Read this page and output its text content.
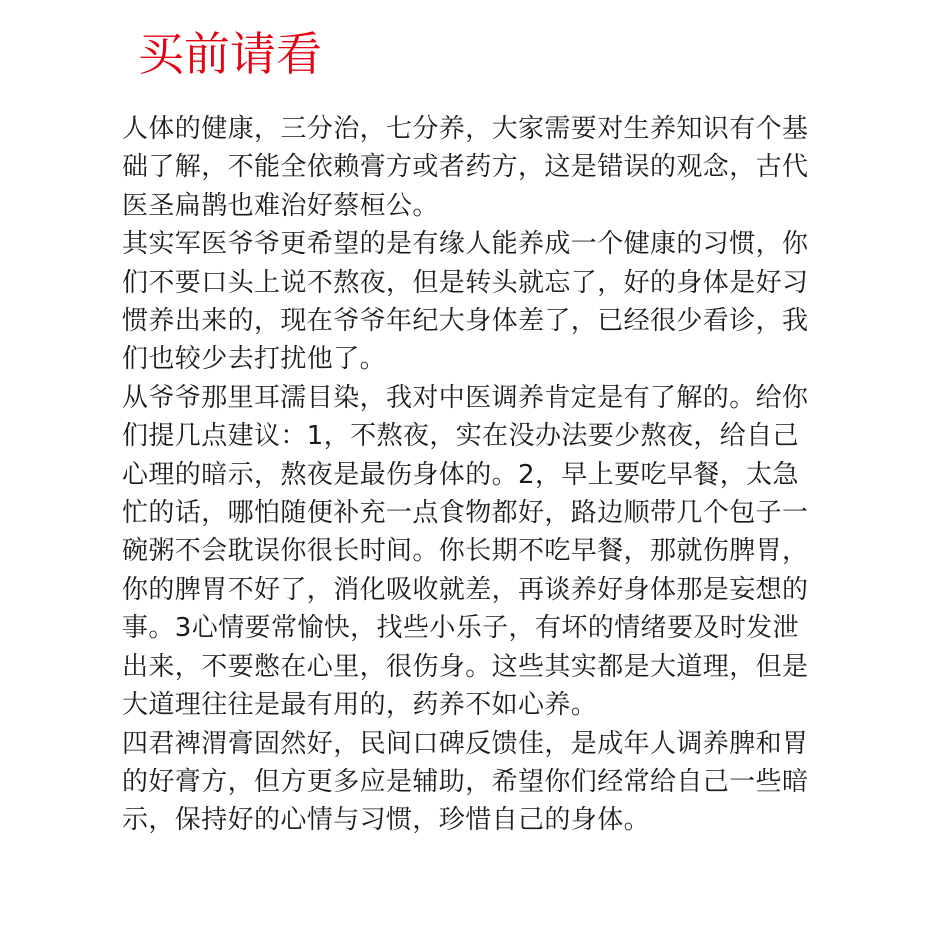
买前请看

人体的健康，三分治，七分养，大家需要对生养知识有个基
础了解，不能全依赖膏方或者药方，这是错误的观念，古代
医圣扁鹊也难治好蔡桓公。

其实军医爷爷更希望的是有缘人能养成一个健康的习惯，你
们不要口头上说不熬夜，但是转头就忘了，好的身体是好习
惯养出来的，现在爷爷年纪大身体差了，已经很少看诊，我
们也较少去打扰他了。

从爷爷那里耳濡目染，我对中医调养肯定是有了解的。给你
们提几点建议：1，不熬夜，实在没办法要少熬夜，给自己
心理的暗示，熬夜是最伤身体的。2，早上要吃早餐，太急
忙的话，哪怕随便补充一点食物都好，路边顺带几个包子一
碗粥不会耽误你很长时间。你长期不吃早餐，那就伤脾胃，
你的脾胃不好了，消化吸收就差，再谈养好身体那是妄想的
事。3心情要常愉快，找些小乐子，有坏的情绪要及时发泄
出来，不要憋在心里，很伤身。这些其实都是大道理，但是
大道理往往是最有用的，药养不如心养。

四君裨渭膏固然好，民间口碑反馈佳，是成年人调养脾和胃
的好膏方，但方更多应是辅助，希望你们经常给自己一些暗
示，保持好的心情与习惯，珍惜自己的身体。
